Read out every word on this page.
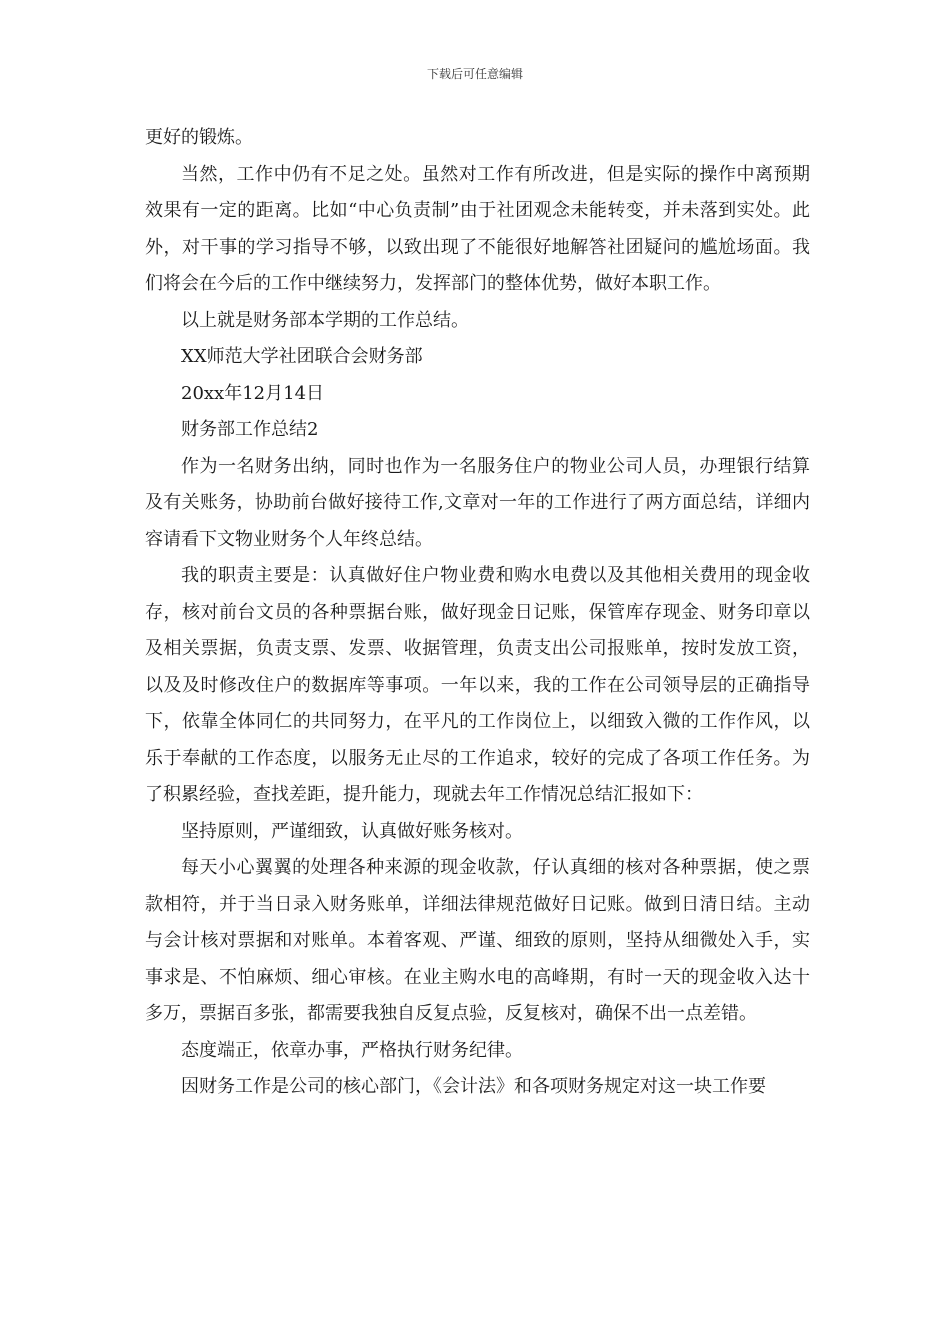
下载后可任意编辑

更好的锻炼。

当然，工作中仍有不足之处。虽然对工作有所改进，但是实际的操作中离预期效果有一定的距离。比如“中心负责制”由于社团观念未能转变，并未落到实处。此外，对干事的学习指导不够，以致出现了不能很好地解答社团疑问的尴尬场面。我们将会在今后的工作中继续努力，发挥部门的整体优势，做好本职工作。

以上就是财务部本学期的工作总结。

XX师范大学社团联合会财务部

20xx年12月14日

财务部工作总结2

作为一名财务出纳，同时也作为一名服务住户的物业公司人员，办理银行结算及有关账务，协助前台做好接待工作,文章对一年的工作进行了两方面总结，详细内容请看下文物业财务个人年终总结。

我的职责主要是：认真做好住户物业费和购水电费以及其他相关费用的现金收存，核对前台文员的各种票据台账，做好现金日记账，保管库存现金、财务印章以及相关票据，负责支票、发票、收据管理，负责支出公司报账单，按时发放工资，以及及时修改住户的数据库等事项。一年以来，我的工作在公司领导层的正确指导下，依靠全体同仁的共同努力，在平凡的工作岗位上，以细致入微的工作作风，以乐于奉献的工作态度，以服务无止尽的工作追求，较好的完成了各项工作任务。为了积累经验，查找差距，提升能力，现就去年工作情况总结汇报如下：

坚持原则，严谨细致，认真做好账务核对。

每天小心翼翼的处理各种来源的现金收款，仔认真细的核对各种票据，使之票款相符，并于当日录入财务账单，详细法律规范做好日记账。做到日清日结。主动与会计核对票据和对账单。本着客观、严谨、细致的原则，坚持从细微处入手，实事求是、不怕麻烦、细心审核。在业主购水电的高峰期，有时一天的现金收入达十多万，票据百多张，都需要我独自反复点验，反复核对，确保不出一点差错。

态度端正，依章办事，严格执行财务纪律。

因财务工作是公司的核心部门，《会计法》和各项财务规定对这一块工作要
